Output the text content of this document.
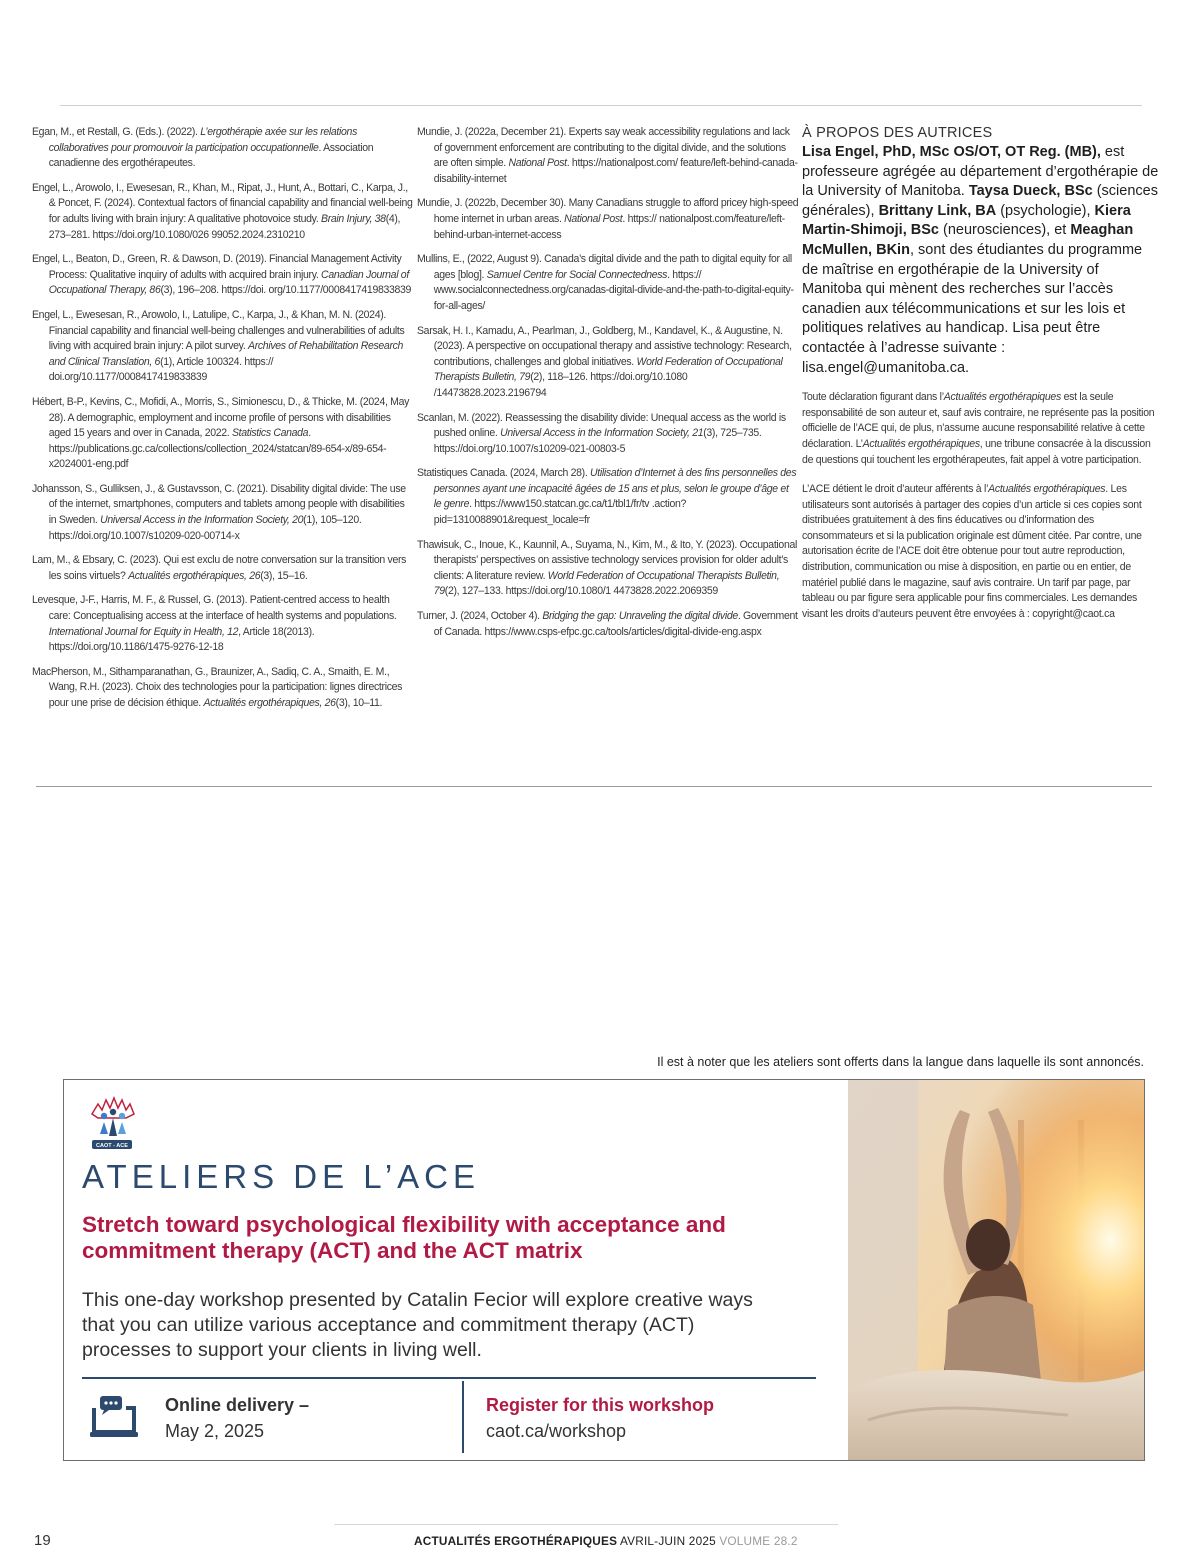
Egan, M., et Restall, G. (Eds.). (2022). L’ergothérapie axée sur les relations collaboratives pour promouvoir la participation occupationnelle. Association canadienne des ergothérapeutes.

Engel, L., Arowolo, I., Ewesesan, R., Khan, M., Ripat, J., Hunt, A., Bottari, C., Karpa, J., & Poncet, F. (2024). Contextual factors of financial capability and financial well-being for adults living with brain injury: A qualitative photovoice study. Brain Injury, 38(4), 273–281. https://doi.org/10.1080/026 99052.2024.2310210

Engel, L., Beaton, D., Green, R. & Dawson, D. (2019). Financial Management Activity Process: Qualitative inquiry of adults with acquired brain injury. Canadian Journal of Occupational Therapy, 86(3), 196–208. https://doi. org/10.1177/0008417419833839

Engel, L., Ewesesan, R., Arowolo, I., Latulipe, C., Karpa, J., & Khan, M. N. (2024). Financial capability and financial well-being challenges and vulnerabilities of adults living with acquired brain injury: A pilot survey. Archives of Rehabilitation Research and Clinical Translation, 6(1), Article 100324. https:// doi.org/10.1177/0008417419833839

Hébert, B-P., Kevins, C., Mofidi, A., Morris, S., Simionescu, D., & Thicke, M. (2024, May 28). A demographic, employment and income profile of persons with disabilities aged 15 years and over in Canada, 2022. Statistics Canada. https://publications.gc.ca/collections/collection_2024/statcan/89-654-x/89-654-x2024001-eng.pdf

Johansson, S., Gulliksen, J., & Gustavsson, C. (2021). Disability digital divide: The use of the internet, smartphones, computers and tablets among people with disabilities in Sweden. Universal Access in the Information Society, 20(1), 105–120. https://doi.org/10.1007/s10209-020-00714-x

Lam, M., & Ebsary, C. (2023). Qui est exclu de notre conversation sur la transition vers les soins virtuels? Actualités ergothérapiques, 26(3), 15–16.

Levesque, J-F., Harris, M. F., & Russel, G. (2013). Patient-centred access to health care: Conceptualising access at the interface of health systems and populations. International Journal for Equity in Health, 12, Article 18(2013). https://doi.org/10.1186/1475-9276-12-18

MacPherson, M., Sithamparanathan, G., Braunizer, A., Sadiq, C. A., Smaith, E. M., Wang, R.H. (2023). Choix des technologies pour la participation: lignes directrices pour une prise de décision éthique. Actualités ergothérapiques, 26(3), 10–11.

Mundie, J. (2022a, December 21). Experts say weak accessibility regulations and lack of government enforcement are contributing to the digital divide, and the solutions are often simple. National Post. https://nationalpost.com/ feature/left-behind-canada-disability-internet

Mundie, J. (2022b, December 30). Many Canadians struggle to afford pricey high-speed home internet in urban areas. National Post. https:// nationalpost.com/feature/left-behind-urban-internet-access

Mullins, E., (2022, August 9). Canada’s digital divide and the path to digital equity for all ages [blog]. Samuel Centre for Social Connectedness. https:// www.socialconnectedness.org/canadas-digital-divide-and-the-path-to-digital-equity-for-all-ages/

Sarsak, H. I., Kamadu, A., Pearlman, J., Goldberg, M., Kandavel, K., & Augustine, N. (2023). A perspective on occupational therapy and assistive technology: Research, contributions, challenges and global initiatives. World Federation of Occupational Therapists Bulletin, 79(2), 118–126. https://doi.org/10.1080 /14473828.2023.2196794

Scanlan, M. (2022). Reassessing the disability divide: Unequal access as the world is pushed online. Universal Access in the Information Society, 21(3), 725–735. https://doi.org/10.1007/s10209-021-00803-5

Statistiques Canada. (2024, March 28). Utilisation d’Internet à des fins personnelles des personnes ayant une incapacité âgées de 15 ans et plus, selon le groupe d’âge et le genre. https://www150.statcan.gc.ca/t1/tbl1/fr/tv .action?pid=1310088901&request_locale=fr

Thawisuk, C., Inoue, K., Kaunnil, A., Suyama, N., Kim, M., & Ito, Y. (2023). Occupational therapists’ perspectives on assistive technology services provision for older adult’s clients: A literature review. World Federation of Occupational Therapists Bulletin, 79(2), 127–133. https://doi.org/10.1080/1 4473828.2022.2069359

Turner, J. (2024, October 4). Bridging the gap: Unraveling the digital divide. Government of Canada. https://www.csps-efpc.gc.ca/tools/articles/digital-divide-eng.aspx

À PROPOS DES AUTRICES

Lisa Engel, PhD, MSc OS/OT, OT Reg. (MB), est professeure agrégée au département d’ergothérapie de la University of Manitoba. Taysa Dueck, BSc (sciences générales), Brittany Link, BA (psychologie), Kiera Martin-Shimoji, BSc (neurosciences), et Meaghan McMullen, BKin, sont des étudiantes du programme de maîtrise en ergothérapie de la University of Manitoba qui mènent des recherches sur l’accès canadien aux télécommunications et sur les lois et politiques relatives au handicap. Lisa peut être contactée à l’adresse suivante : lisa.engel@umanitoba.ca.

Toute déclaration figurant dans l’Actualités ergothérapiques est la seule responsabilité de son auteur et, sauf avis contraire, ne représente pas la position officielle de l’ACE qui, de plus, n’assume aucune responsabilité relative à cette déclaration. L’Actualités ergothérapiques, une tribune consacrée à la discussion de questions qui touchent les ergothérapeutes, fait appel à votre participation.

L’ACE détient le droit d’auteur afférents à l’Actualités ergothérapiques. Les utilisateurs sont autorisés à partager des copies d’un article si ces copies sont distribuées gratuitement à des fins éducatives ou d’information des consommateurs et si la publication originale est dûment citée. Par contre, une autorisation écrite de l’ACE doit être obtenue pour tout autre reproduction, distribution, communication ou mise à disposition, en partie ou en entier, de matériel publié dans le magazine, sauf avis contraire. Un tarif par page, par tableau ou par figure sera applicable pour fins commerciales. Les demandes visant les droits d’auteurs peuvent être envoyées à : copyright@caot.ca

Il est à noter que les ateliers sont offerts dans la langue dans laquelle ils sont annoncés.
CAOT - ACE
ATELIERS DE L’ACE
Stretch toward psychological flexibility with acceptance and commitment therapy (ACT) and the ACT matrix
This one-day workshop presented by Catalin Fecior will explore creative ways that you can utilize various acceptance and commitment therapy (ACT) processes to support your clients in living well.
Online delivery –
May 2, 2025
Register for this workshop
caot.ca/workshop
19	ACTUALITÉS ERGOTHÉRAPIQUES AVRIL-JUIN 2025 VOLUME 28.2
